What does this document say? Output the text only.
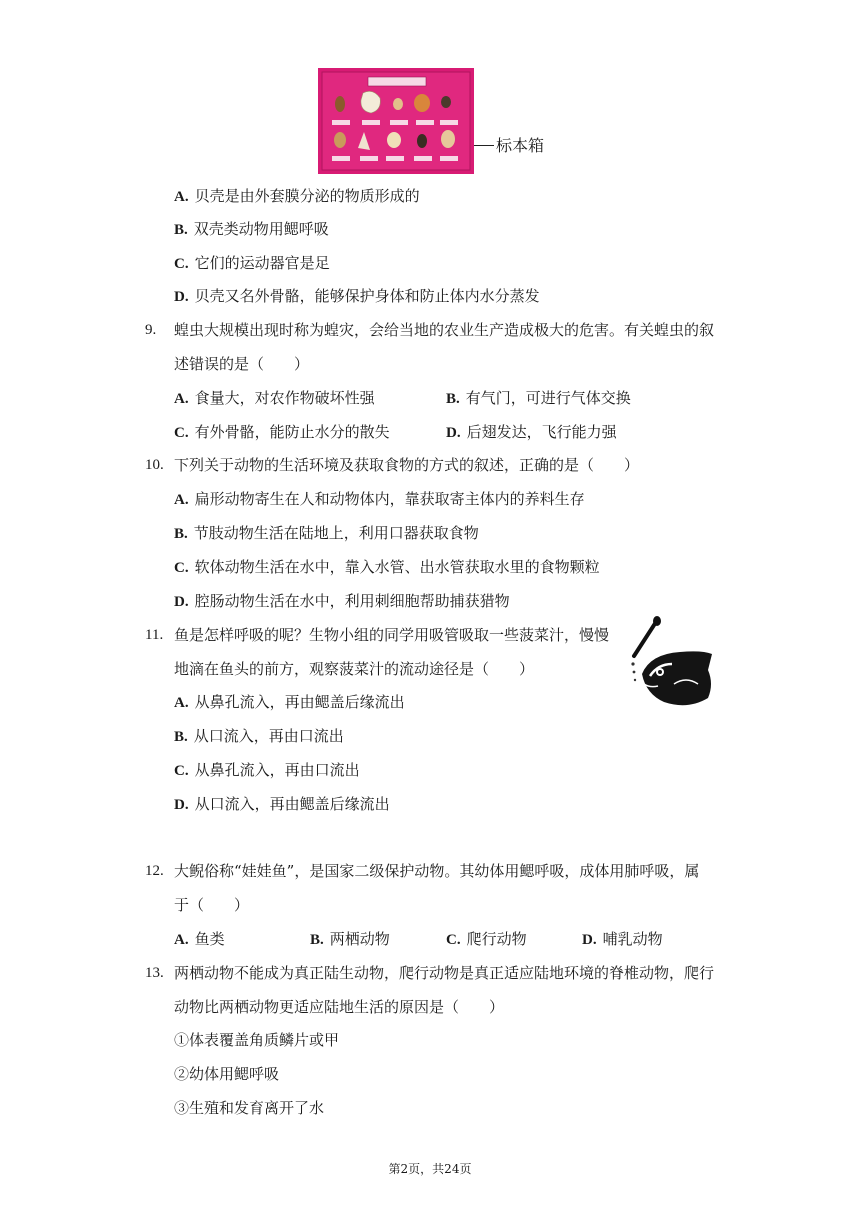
标本箱
A. 贝壳是由外套膜分泌的物质形成的
B. 双壳类动物用鳃呼吸
C. 它们的运动器官是足
D. 贝壳又名外骨骼，能够保护身体和防止体内水分蒸发
9. 蝗虫大规模出现时称为蝗灾，会给当地的农业生产造成极大的危害。有关蝗虫的叙
述错误的是（　　）
A. 食量大，对农作物破坏性强	B. 有气门，可进行气体交换
C. 有外骨骼，能防止水分的散失	D. 后翅发达，飞行能力强
10. 下列关于动物的生活环境及获取食物的方式的叙述，正确的是（　　）
A. 扁形动物寄生在人和动物体内，靠获取寄主体内的养料生存
B. 节肢动物生活在陆地上，利用口器获取食物
C. 软体动物生活在水中，靠入水管、出水管获取水里的食物颗粒
D. 腔肠动物生活在水中，利用刺细胞帮助捕获猎物
11. 鱼是怎样呼吸的呢？生物小组的同学用吸管吸取一些菠菜汁，慢慢
地滴在鱼头的前方，观察菠菜汁的流动途径是（　　）
A. 从鼻孔流入，再由鳃盖后缘流出
B. 从口流入，再由口流出
C. 从鼻孔流入，再由口流出
D. 从口流入，再由鳃盖后缘流出
12. 大鲵俗称“娃娃鱼”，是国家二级保护动物。其幼体用鳃呼吸，成体用肺呼吸，属
于（　　）
A. 鱼类	B. 两栖动物	C. 爬行动物	D. 哺乳动物
13. 两栖动物不能成为真正陆生动物，爬行动物是真正适应陆地环境的脊椎动物，爬行
动物比两栖动物更适应陆地生活的原因是（　　）
①体表覆盖角质鳞片或甲
②幼体用鳃呼吸
③生殖和发育离开了水
第2页，共24页
